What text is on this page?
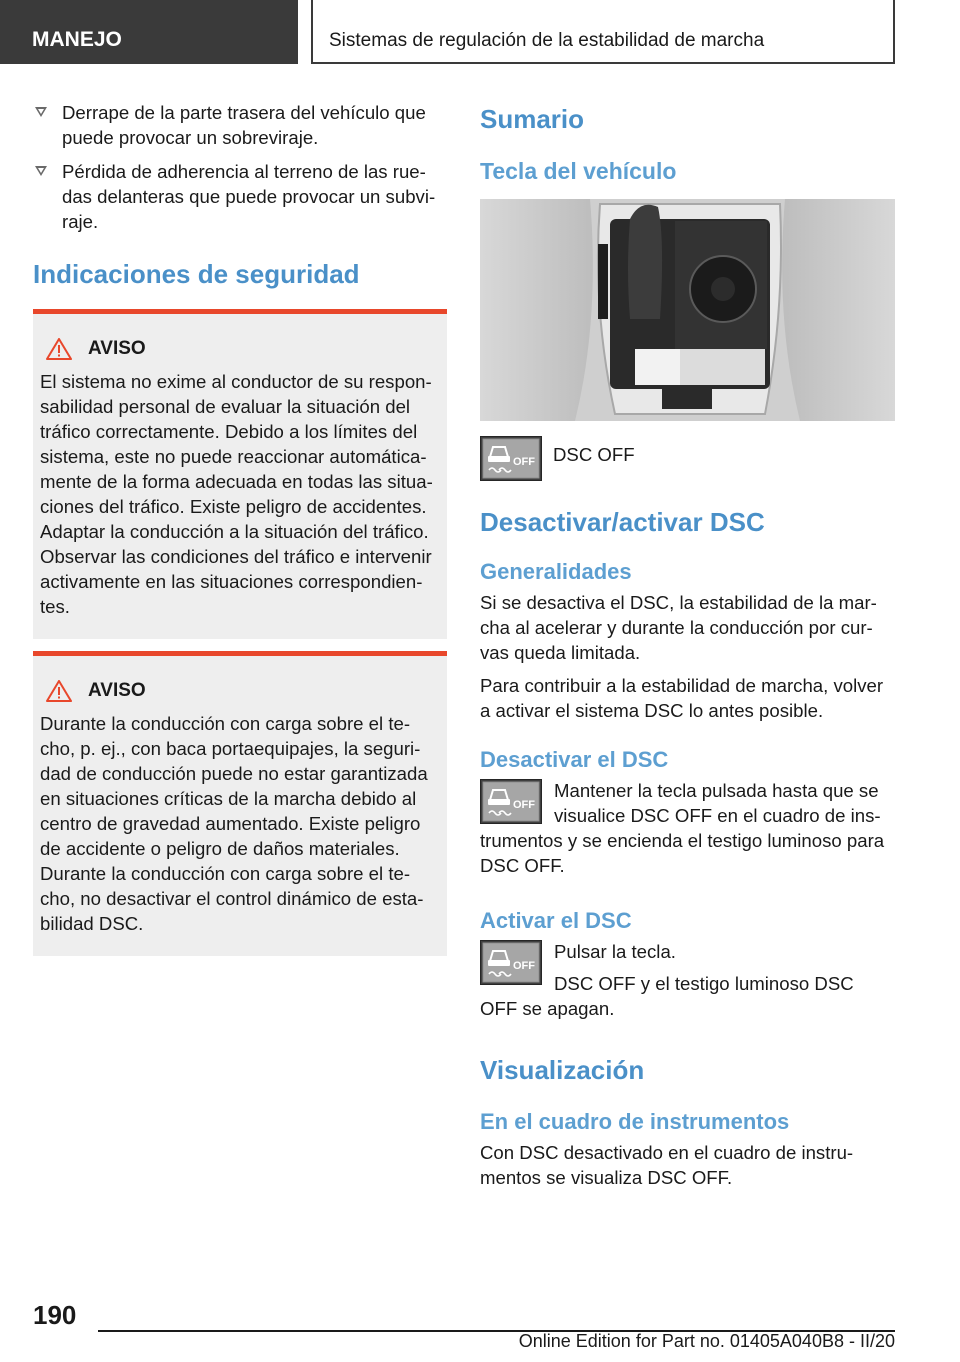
MANEJO	Sistemas de regulación de la estabilidad de marcha
Derrape de la parte trasera del vehículo que puede provocar un sobreviraje.
Pérdida de adherencia al terreno de las rue-das delanteras que puede provocar un subvi-raje.
Indicaciones de seguridad
AVISO

El sistema no exime al conductor de su respon-sabilidad personal de evaluar la situación del tráfico correctamente. Debido a los límites del sistema, este no puede reaccionar automática-mente de la forma adecuada en todas las situa-ciones del tráfico. Existe peligro de accidentes. Adaptar la conducción a la situación del tráfico. Observar las condiciones del tráfico e intervenir activamente en las situaciones correspondien-tes.

AVISO

Durante la conducción con carga sobre el te-cho, p. ej., con baca portaequipajes, la seguri-dad de conducción puede no estar garantizada en situaciones críticas de la marcha debido al centro de gravedad aumentado. Existe peligro de accidente o peligro de daños materiales. Durante la conducción con carga sobre el te-cho, no desactivar el control dinámico de esta-bilidad DSC.

Sumario
Tecla del vehículo

DSC OFF

Desactivar/activar DSC
Generalidades

Si se desactiva el DSC, la estabilidad de la mar-cha al acelerar y durante la conducción por cur-vas queda limitada.

Para contribuir a la estabilidad de marcha, volver a activar el sistema DSC lo antes posible.

Desactivar el DSC

Mantener la tecla pulsada hasta que se visualice DSC OFF en el cuadro de ins-trumentos y se encienda el testigo luminoso para DSC OFF.

Activar el DSC

Pulsar la tecla.

DSC OFF y el testigo luminoso DSC OFF se apagan.

Visualización
En el cuadro de instrumentos

Con DSC desactivado en el cuadro de instru-mentos se visualiza DSC OFF.

190
Online Edition for Part no. 01405A040B8 - II/20
